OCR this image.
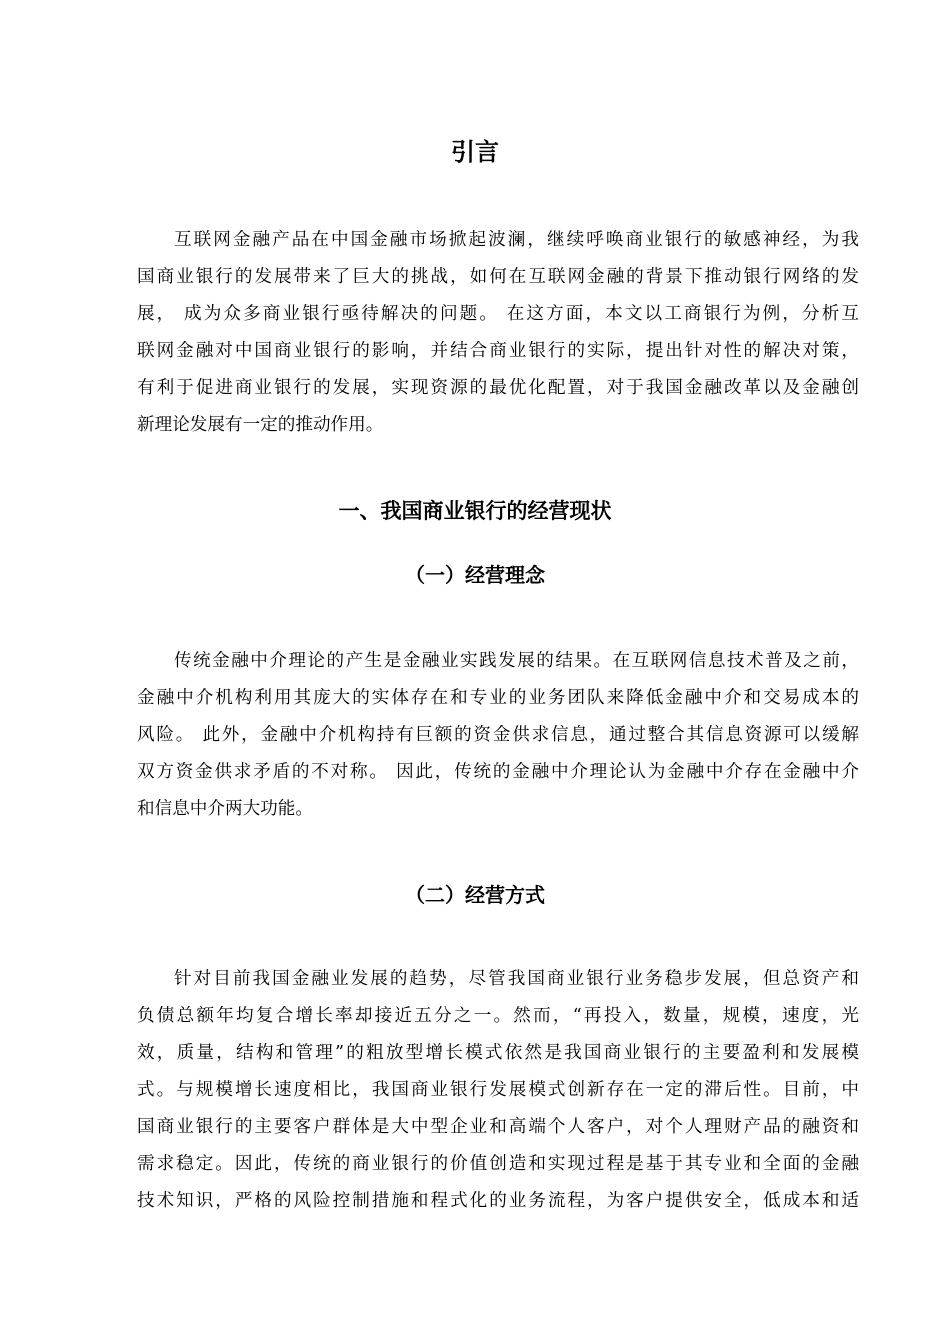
引言
互联网金融产品在中国金融市场掀起波澜，继续呼唤商业银行的敏感神经，为我
国商业银行的发展带来了巨大的挑战，如何在互联网金融的背景下推动银行网络的发
展， 成为众多商业银行亟待解决的问题。 在这方面，本文以工商银行为例，分析互
联网金融对中国商业银行的影响，并结合商业银行的实际，提出针对性的解决对策，
有利于促进商业银行的发展，实现资源的最优化配置，对于我国金融改革以及金融创
新理论发展有一定的推动作用。
一、我国商业银行的经营现状
（一）经营理念
传统金融中介理论的产生是金融业实践发展的结果。在互联网信息技术普及之前，
金融中介机构利用其庞大的实体存在和专业的业务团队来降低金融中介和交易成本的
风险。 此外，金融中介机构持有巨额的资金供求信息，通过整合其信息资源可以缓解
双方资金供求矛盾的不对称。 因此，传统的金融中介理论认为金融中介存在金融中介
和信息中介两大功能。
（二）经营方式
针对目前我国金融业发展的趋势，尽管我国商业银行业务稳步发展，但总资产和
负债总额年均复合增长率却接近五分之一。然而，“再投入，数量，规模，速度，光
效，质量，结构和管理”的粗放型增长模式依然是我国商业银行的主要盈利和发展模
式。与规模增长速度相比，我国商业银行发展模式创新存在一定的滞后性。目前，中
国商业银行的主要客户群体是大中型企业和高端个人客户，对个人理财产品的融资和
需求稳定。因此，传统的商业银行的价值创造和实现过程是基于其专业和全面的金融
技术知识，严格的风险控制措施和程式化的业务流程，为客户提供安全，低成本和适
